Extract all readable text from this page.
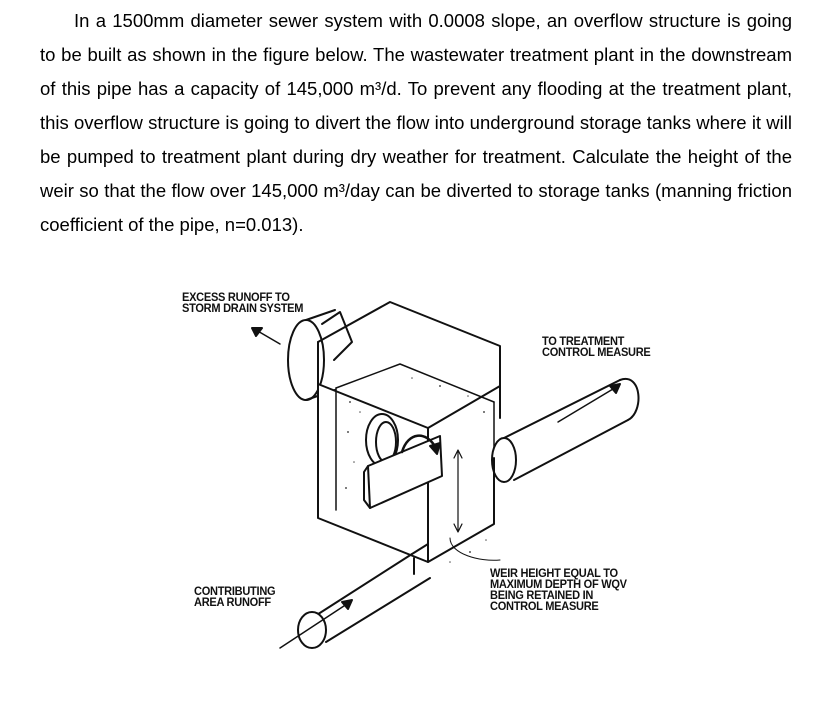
In a 1500mm diameter sewer system with 0.0008 slope, an overflow structure is going to be built as shown in the figure below. The wastewater treatment plant in the downstream of this pipe has a capacity of 145,000 m³/d. To prevent any flooding at the treatment plant, this overflow structure is going to divert the flow into underground storage tanks where it will be pumped to treatment plant during dry weather for treatment. Calculate the height of the weir so that the flow over 145,000 m³/day can be diverted to storage tanks (manning friction coefficient of the pipe, n=0.013).

EXCESS RUNOFF TO
STORM DRAIN SYSTEM

TO TREATMENT
CONTROL MEASURE

CONTRIBUTING
AREA RUNOFF

WEIR HEIGHT EQUAL TO
MAXIMUM DEPTH OF WQV
BEING RETAINED IN
CONTROL MEASURE
